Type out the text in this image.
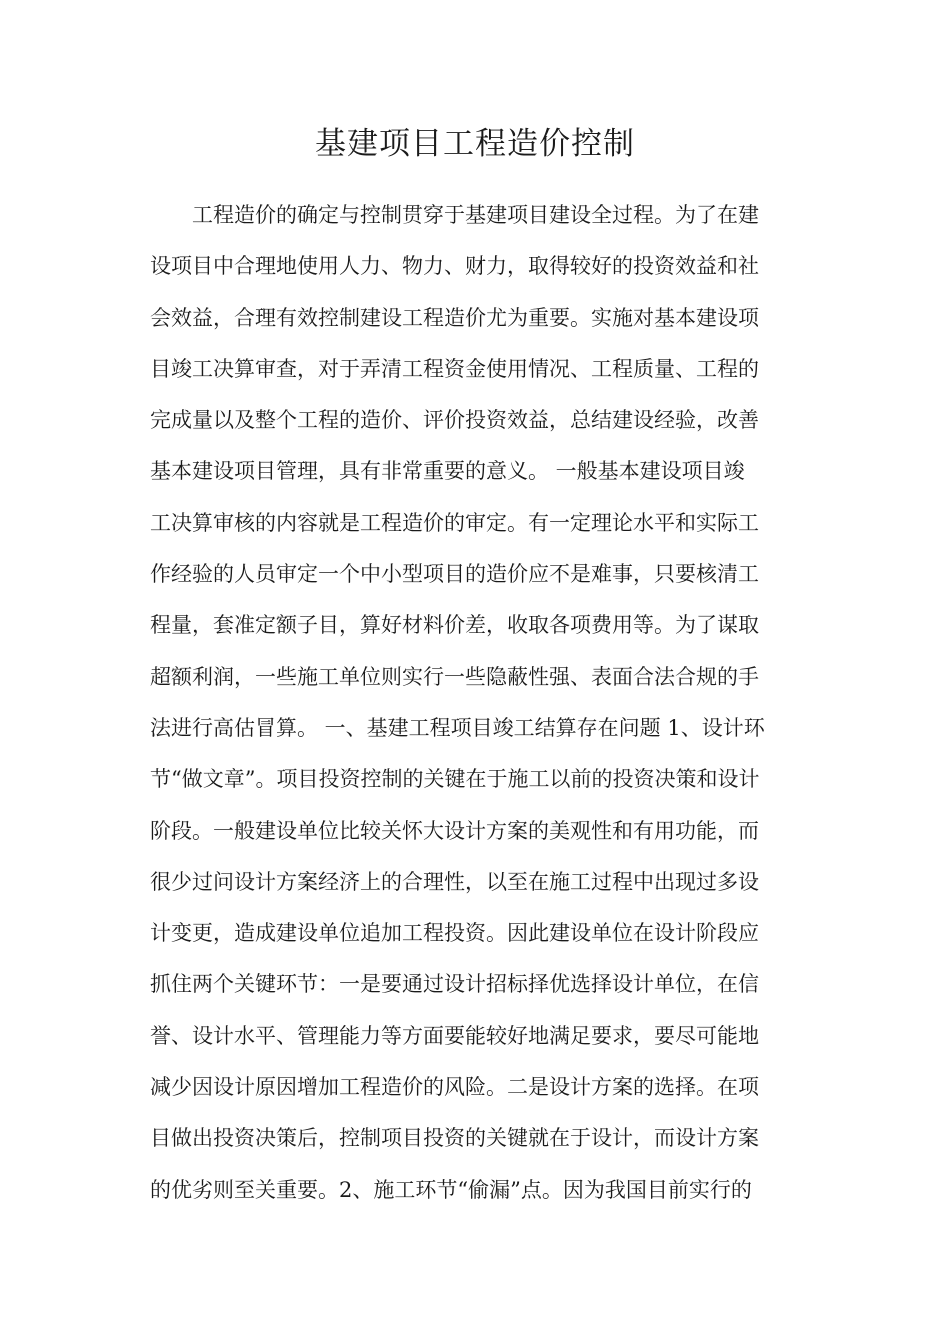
基建项目工程造价控制
工程造价的确定与控制贯穿于基建项目建设全过程。为了在建
设项目中合理地使用人力、物力、财力，取得较好的投资效益和社
会效益，合理有效控制建设工程造价尤为重要。实施对基本建设项
目竣工决算审查，对于弄清工程资金使用情况、工程质量、工程的
完成量以及整个工程的造价、评价投资效益，总结建设经验，改善
基本建设项目管理，具有非常重要的意义。 一般基本建设项目竣
工决算审核的内容就是工程造价的审定。有一定理论水平和实际工
作经验的人员审定一个中小型项目的造价应不是难事，只要核清工
程量，套准定额子目，算好材料价差，收取各项费用等。为了谋取
超额利润，一些施工单位则实行一些隐蔽性强、表面合法合规的手
法进行高估冒算。 一、基建工程项目竣工结算存在问题 1、设计环
节“做文章”。项目投资控制的关键在于施工以前的投资决策和设计
阶段。一般建设单位比较关怀大设计方案的美观性和有用功能，而
很少过问设计方案经济上的合理性，以至在施工过程中出现过多设
计变更，造成建设单位追加工程投资。因此建设单位在设计阶段应
抓住两个关键环节：一是要通过设计招标择优选择设计单位，在信
誉、设计水平、管理能力等方面要能较好地满足要求，要尽可能地
减少因设计原因增加工程造价的风险。二是设计方案的选择。在项
目做出投资决策后，控制项目投资的关键就在于设计，而设计方案
的优劣则至关重要。2、施工环节“偷漏”点。因为我国目前实行的
